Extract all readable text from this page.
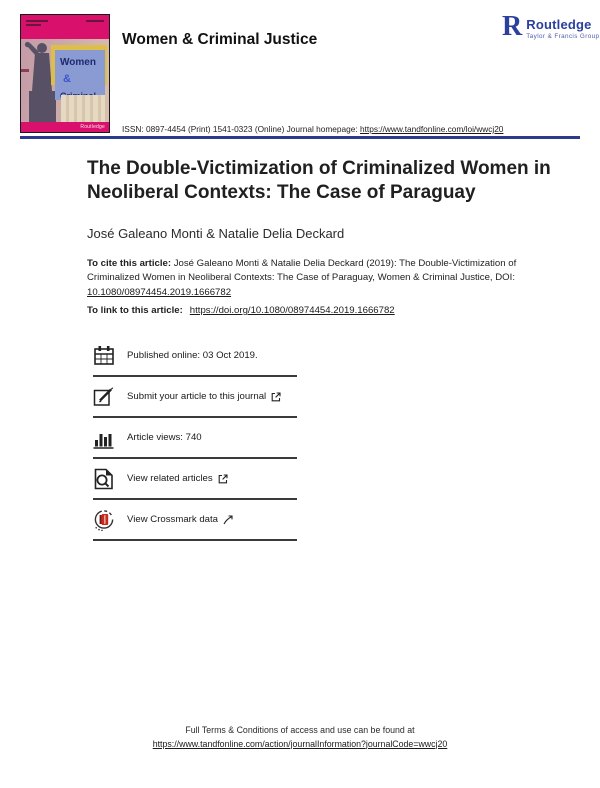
Women
&

Routledge
Women & Criminal Justice	R Routledge
Taylor & Francis Group
ISSN: 0897-4454 (Print) 1541-0323 (Online) Journal homepage: https://www.tandfonline.com/loi/wwcj20
The Double-Victimization of Criminalized Women in Neoliberal Contexts: The Case of Paraguay
José Galeano Monti & Natalie Delia Deckard
To cite this article: José Galeano Monti & Natalie Delia Deckard (2019): The Double-Victimization of Criminalized Women in Neoliberal Contexts: The Case of Paraguay, Women & Criminal Justice, DOI: 10.1080/08974454.2019.1666782
To link to this article: https://doi.org/10.1080/08974454.2019.1666782
Published online: 03 Oct 2019.
Submit your article to this journal
Article views: 740
View related articles
View Crossmark data
Full Terms & Conditions of access and use can be found at
https://www.tandfonline.com/action/journalInformation?journalCode=wwcj20
